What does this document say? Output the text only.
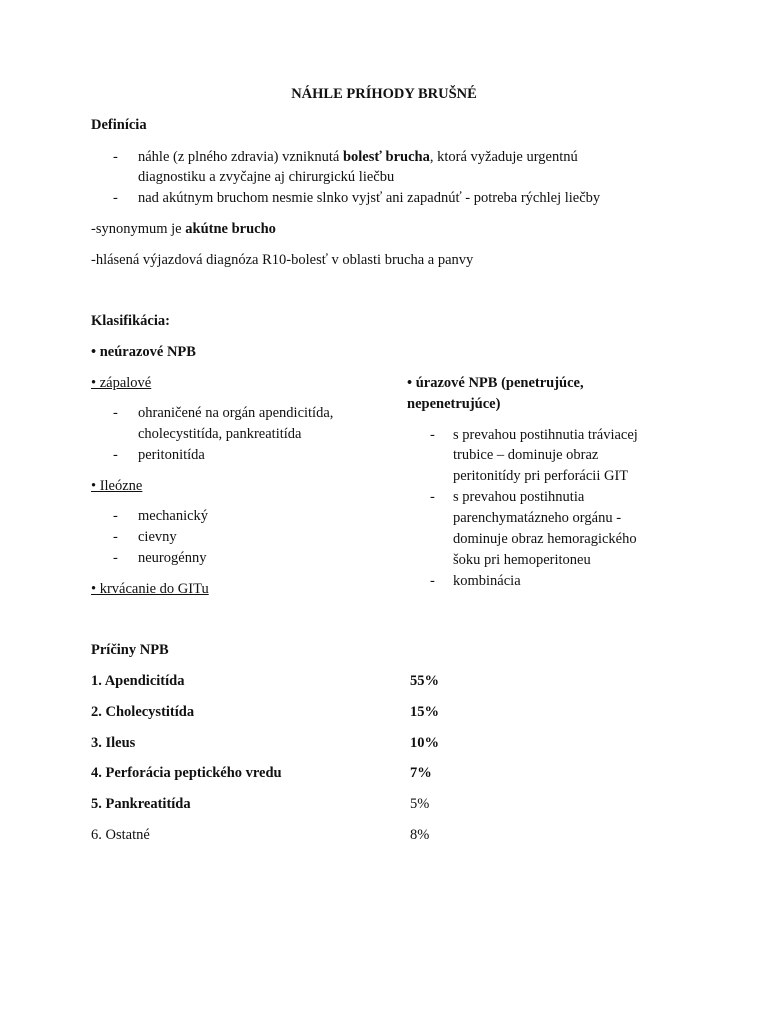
NÁHLE PRÍHODY BRUŠNÉ
Definícia
- náhle (z plného zdravia) vzniknutá bolesť brucha, ktorá vyžaduje urgentnú
diagnostiku a zvyčajne aj chirurgickú liečbu
- nad akútnym bruchom nesmie slnko vyjsť ani zapadnúť - potreba rýchlej liečby
-synonymum je akútne brucho
-hlásená výjazdová diagnóza R10-bolesť v oblasti brucha a panvy
Klasifikácia:
• neúrazové NPB
• zápalové
- ohraničené na orgán apendicitída,
cholecystitída, pankreatitída
- peritonitída
• Ileózne
- mechanický
- cievny
- neurogénny
• krvácanie do GITu
• úrazové NPB (penetrujúce,
nepenetrujúce)
- s prevahou postihnutia tráviacej
trubice – dominuje obraz
peritonitídy pri perforácii GIT
- s prevahou postihnutia
parenchymatázneho orgánu -
dominuje obraz hemoragického
šoku pri hemoperitoneu
- kombinácia
Príčiny NPB
1. Apendicitída	55%
2. Cholecystitída	15%
3. Ileus	10%
4. Perforácia peptického vredu	7%
5. Pankreatitída	5%
6. Ostatné	8%
